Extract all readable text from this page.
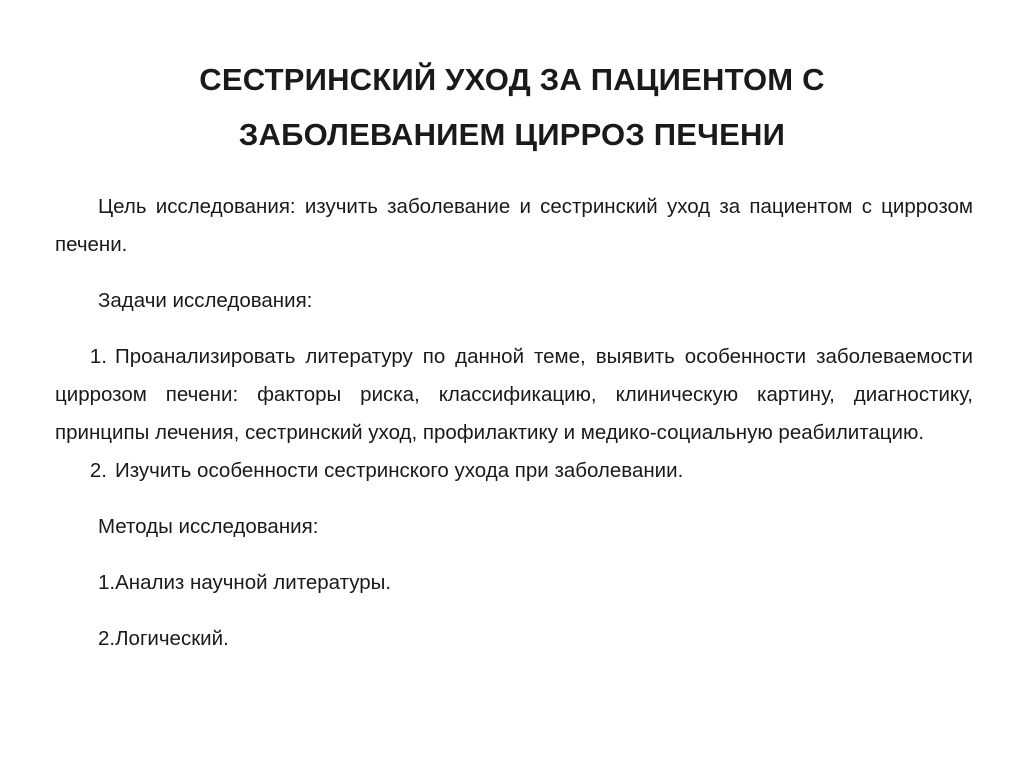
СЕСТРИНСКИЙ УХОД ЗА ПАЦИЕНТОМ С
ЗАБОЛЕВАНИЕМ ЦИРРОЗ ПЕЧЕНИ

Цель исследования: изучить заболевание и сестринский уход за пациентом с циррозом печени.

Задачи исследования:

1. Проанализировать литературу по данной теме, выявить особенности заболеваемости циррозом печени: факторы риска, классификацию, клиническую картину, диагностику, принципы лечения, сестринский уход, профилактику и медико-социальную реабилитацию.

2. Изучить особенности сестринского ухода при заболевании.

Методы исследования:

1.Анализ научной литературы.

2.Логический.
